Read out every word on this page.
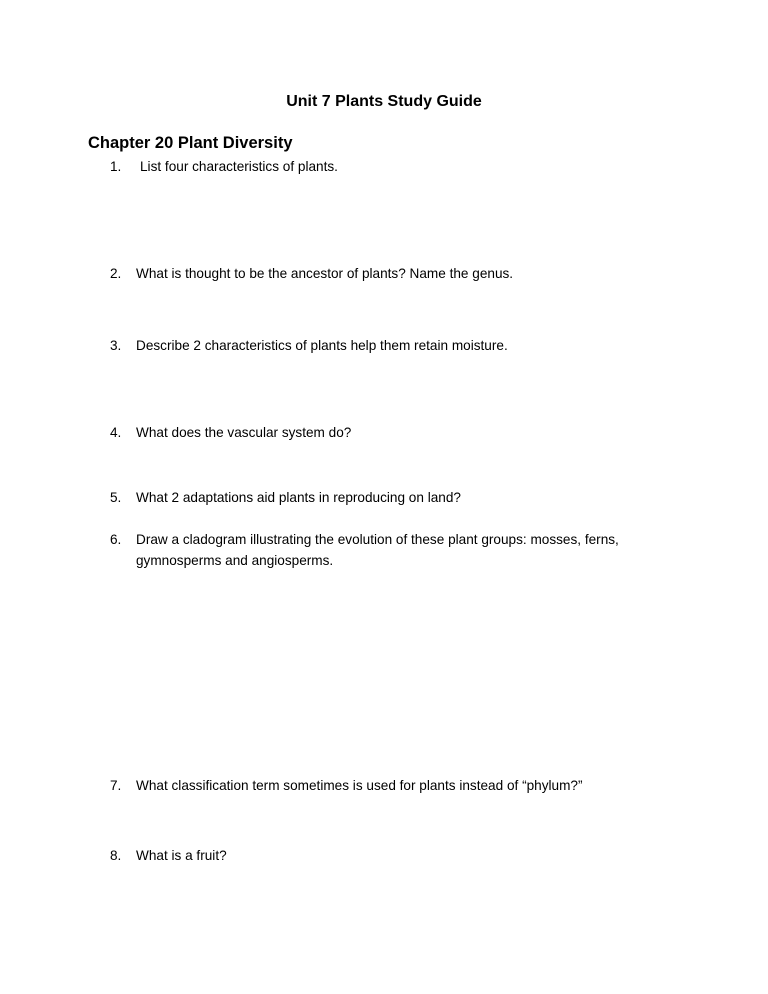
Unit 7 Plants Study Guide
Chapter 20 Plant Diversity
1. List four characteristics of plants.
2. What is thought to be the ancestor of plants? Name the genus.
3. Describe 2 characteristics of plants help them retain moisture.
4. What does the vascular system do?
5. What 2 adaptations aid plants in reproducing on land?
6. Draw a cladogram illustrating the evolution of these plant groups: mosses, ferns, gymnosperms and angiosperms.
7. What classification term sometimes is used for plants instead of “phylum?”
8. What is a fruit?
